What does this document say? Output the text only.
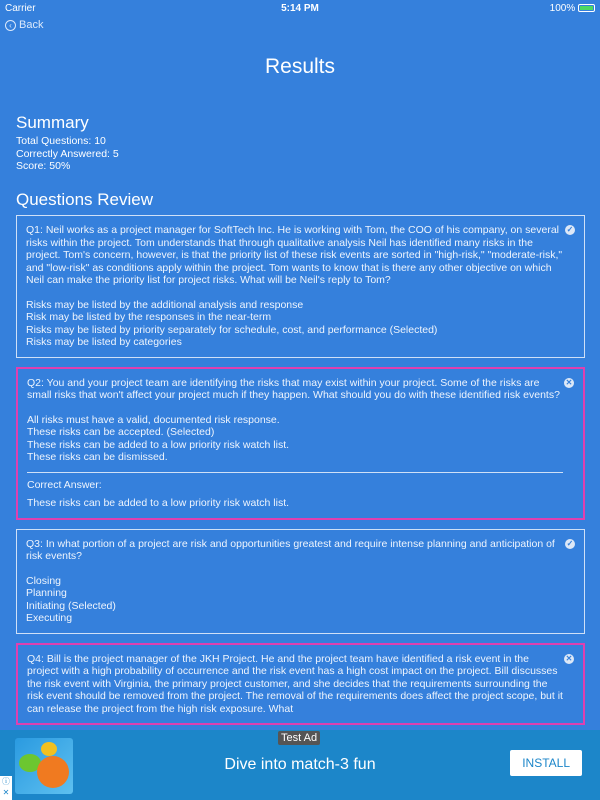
Carrier	5:14 PM	100%
‹ Back
Results
Summary
Total Questions: 10
Correctly Answered: 5
Score: 50%
Questions Review
✓
Q1: Neil works as a project manager for SoftTech Inc. He is working with Tom, the COO of his company, on several risks within the project. Tom understands that through qualitative analysis Neil has identified many risks in the project. Tom's concern, however, is that the priority list of these risk events are sorted in "high-risk," "moderate-risk," and "low-risk" as conditions apply within the project. Tom wants to know that is there any other objective on which Neil can make the priority list for project risks. What will be Neil's reply to Tom?
Risks may be listed by the additional analysis and response
Risk may be listed by the responses in the near-term
Risks may be listed by priority separately for schedule, cost, and performance (Selected)
Risks may be listed by categories
✕
Q2: You and your project team are identifying the risks that may exist within your project. Some of the risks are small risks that won't affect your project much if they happen. What should you do with these identified risk events?
All risks must have a valid, documented risk response.
These risks can be accepted. (Selected)
These risks can be added to a low priority risk watch list.
These risks can be dismissed.
Correct Answer:
These risks can be added to a low priority risk watch list.
✓
Q3: In what portion of a project are risk and opportunities greatest and require intense planning and anticipation of risk events?
Closing
Planning
Initiating (Selected)
Executing
✕
Q4: Bill is the project manager of the JKH Project. He and the project team have identified a risk event in the project with a high probability of occurrence and the risk event has a high cost impact on the project. Bill discusses the risk event with Virginia, the primary project customer, and she decides that the requirements surrounding the risk event should be removed from the project. The removal of the requirements does affect the project scope, but it can release the project from the high risk exposure. What
Test Ad
Dive into match-3 fun	INSTALL
ⓘ
✕
